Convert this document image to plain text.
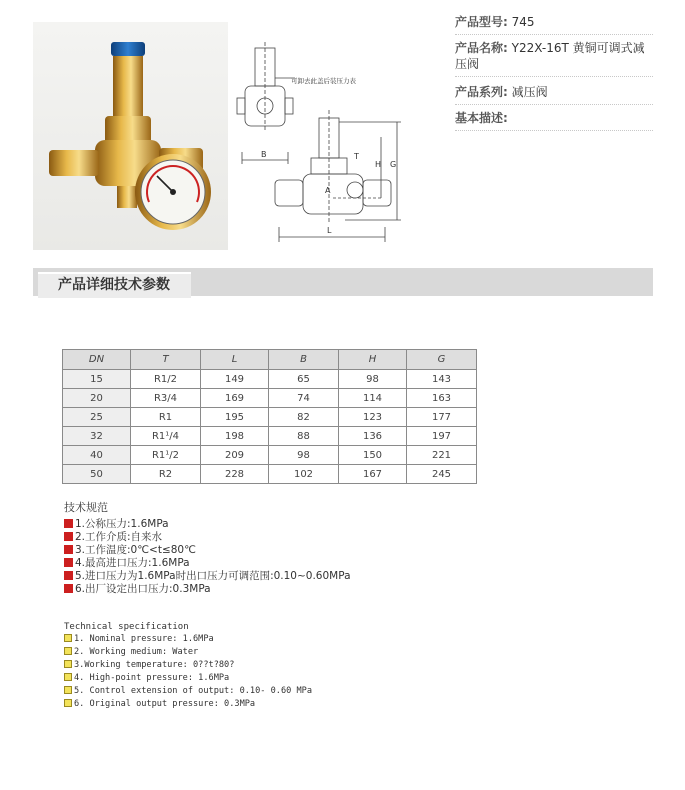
可卸去此盖后装压力表
B	T
H G
L
A
产品型号: 745
产品名称: Y22X-16T 黄铜可调式减压阀
产品系列: 减压阀
基本描述:
产品详细技术参数
DN	T	L	B	H	G
15	R1/2	149	65	98	143
20	R3/4	169	74	114	163
25	R1	195	82	123	177
32	R1¹/4	198	88	136	197
40	R1¹/2	209	98	150	221
50	R2	228	102	167	245
技术规范
1.公称压力:1.6MPa
2.工作介质:自来水
3.工作温度:0℃<t≤80℃
4.最高进口压力:1.6MPa
5.进口压力为1.6MPa时出口压力可调范围:0.10~0.60MPa
6.出厂设定出口压力:0.3MPa
Technical specification
1. Nominal pressure: 1.6MPa
2. Working medium: Water
3.Working temperature: 0??t?80?
4. High-point pressure: 1.6MPa
5. Control extension of output: 0.10- 0.60 MPa
6. Original output pressure: 0.3MPa
